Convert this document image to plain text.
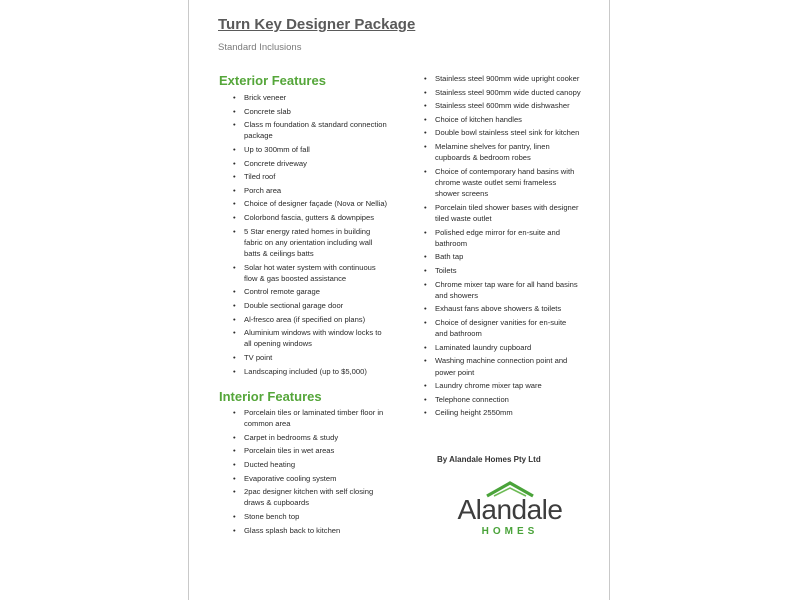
Turn Key Designer Package
Standard Inclusions
Exterior Features
• Brick veneer
• Concrete slab
• Class m foundation & standard connection package
• Up to 300mm of fall
• Concrete driveway
• Tiled roof
• Porch area
• Choice of designer façade (Nova or Nellia)
• Colorbond fascia, gutters & downpipes
• 5 Star energy rated homes in building fabric on any orientation including wall batts & ceilings batts
• Solar hot water system with continuous flow & gas boosted assistance
• Control remote garage
• Double sectional garage door
• Al-fresco area (if specified on plans)
• Aluminium windows with window locks to all opening windows
• TV point
• Landscaping included (up to $5,000)
Interior Features
• Porcelain tiles or laminated timber floor in common area
• Carpet in bedrooms & study
• Porcelain tiles in wet areas
• Ducted heating
• Evaporative cooling system
• 2pac designer kitchen with self closing draws & cupboards
• Stone bench top
• Glass splash back to kitchen
• Stainless steel 900mm wide upright cooker
• Stainless steel 900mm wide ducted canopy
• Stainless steel 600mm wide dishwasher
• Choice of kitchen handles
• Double bowl stainless steel sink for kitchen
• Melamine shelves for pantry, linen cupboards & bedroom robes
• Choice of contemporary hand basins with chrome waste outlet semi frameless shower screens
• Porcelain tiled shower bases with designer tiled waste outlet
• Polished edge mirror for en-suite and bathroom
• Bath tap
• Toilets
• Chrome mixer tap ware for all hand basins and showers
• Exhaust fans above showers & toilets
• Choice of designer vanities for en-suite and bathroom
• Laminated laundry cupboard
• Washing machine connection point and power point
• Laundry chrome mixer tap ware
• Telephone connection
• Ceiling height 2550mm
By Alandale Homes Pty Ltd
Alandale
HOMES
